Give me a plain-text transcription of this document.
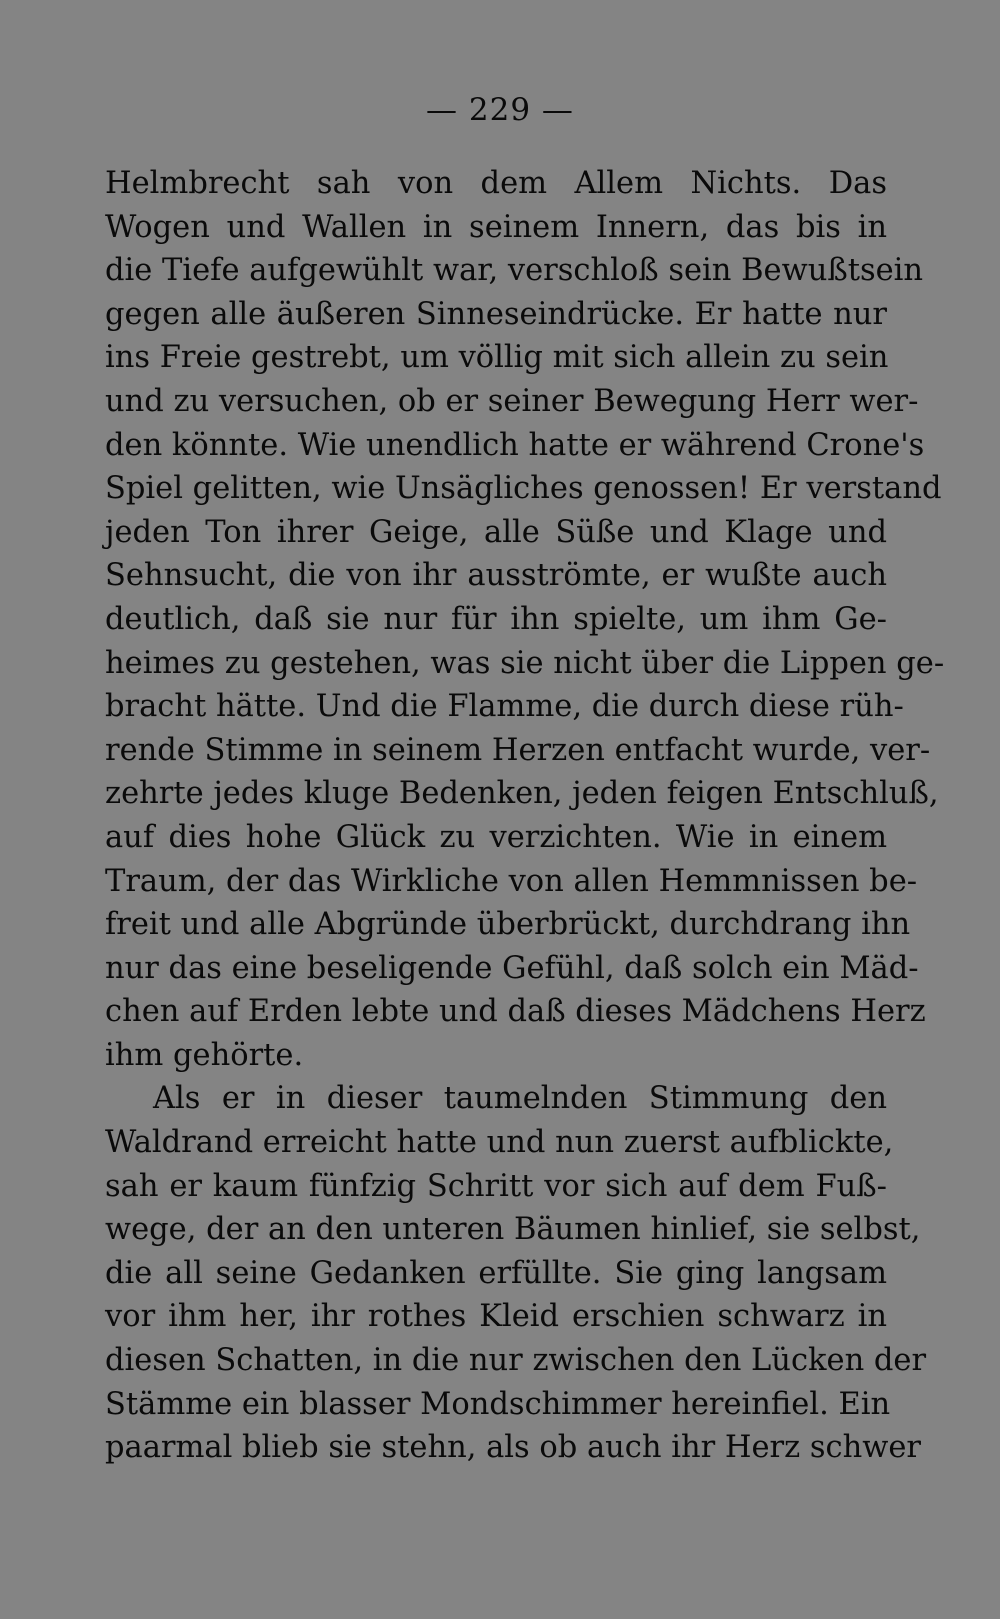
— 229 —
Helmbrecht sah von dem Allem Nichts. Das
Wogen und Wallen in seinem Innern, das bis in
die Tiefe aufgewühlt war, verschloß sein Bewußtsein
gegen alle äußeren Sinneseindrücke. Er hatte nur
ins Freie gestrebt, um völlig mit sich allein zu sein
und zu versuchen, ob er seiner Bewegung Herr wer-
den könnte. Wie unendlich hatte er während Crone's
Spiel gelitten, wie Unsägliches genossen! Er verstand
jeden Ton ihrer Geige, alle Süße und Klage und
Sehnsucht, die von ihr ausströmte, er wußte auch
deutlich, daß sie nur für ihn spielte, um ihm Ge-
heimes zu gestehen, was sie nicht über die Lippen ge-
bracht hätte. Und die Flamme, die durch diese rüh-
rende Stimme in seinem Herzen entfacht wurde, ver-
zehrte jedes kluge Bedenken, jeden feigen Entschluß,
auf dies hohe Glück zu verzichten. Wie in einem
Traum, der das Wirkliche von allen Hemmnissen be-
freit und alle Abgründe überbrückt, durchdrang ihn
nur das eine beseligende Gefühl, daß solch ein Mäd-
chen auf Erden lebte und daß dieses Mädchens Herz
ihm gehörte.
Als er in dieser taumelnden Stimmung den
Waldrand erreicht hatte und nun zuerst aufblickte,
sah er kaum fünfzig Schritt vor sich auf dem Fuß-
wege, der an den unteren Bäumen hinlief, sie selbst,
die all seine Gedanken erfüllte. Sie ging langsam
vor ihm her, ihr rothes Kleid erschien schwarz in
diesen Schatten, in die nur zwischen den Lücken der
Stämme ein blasser Mondschimmer hereinfiel. Ein
paarmal blieb sie stehn, als ob auch ihr Herz schwer
